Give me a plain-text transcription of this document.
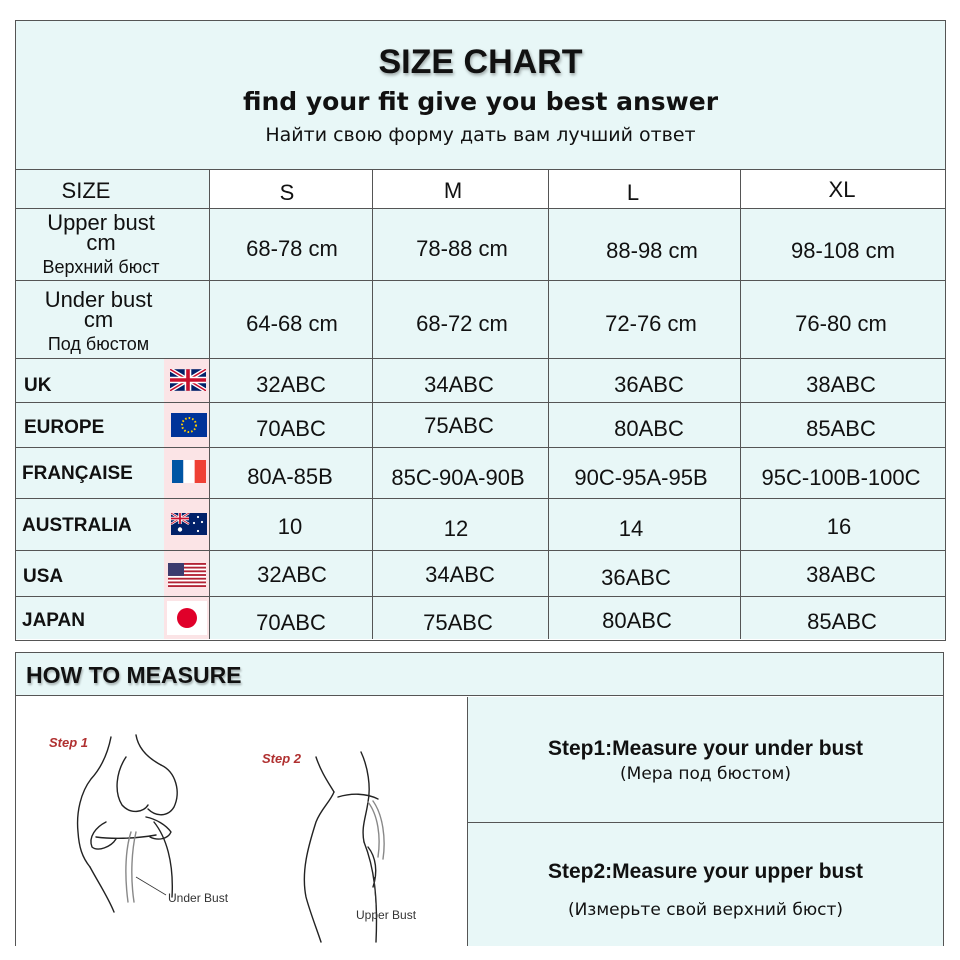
SIZE CHART
find your fit give you best answer
Найти свою форму дать вам лучший ответ
SIZE	S	M	L	XL
Upper bust
cm
Верхний бюст
68-78 cm	78-88 cm	88-98 cm	98-108 cm
Under bust
cm
Под бюстом
64-68 cm	68-72 cm	72-76 cm	76-80 cm
UK	32ABC	34ABC	36ABC	38ABC
EUROPE	70ABC	75ABC	80ABC	85ABC
FRANÇAISE	80A-85B	85C-90A-90B 90C-95A-95B 95C-100B-100C
AUSTRALIA	10	12	14	16
USA	32ABC	34ABC	36ABC	38ABC
JAPAN	70ABC	75ABC	80ABC	85ABC
HOW TO MEASURE
Step 1
Under Bust
Step 2
Upper Bust
Step1:Measure your under bust
(Мера под бюстом)
Step2:Measure your upper bust
(Измерьте свой верхний бюст)
